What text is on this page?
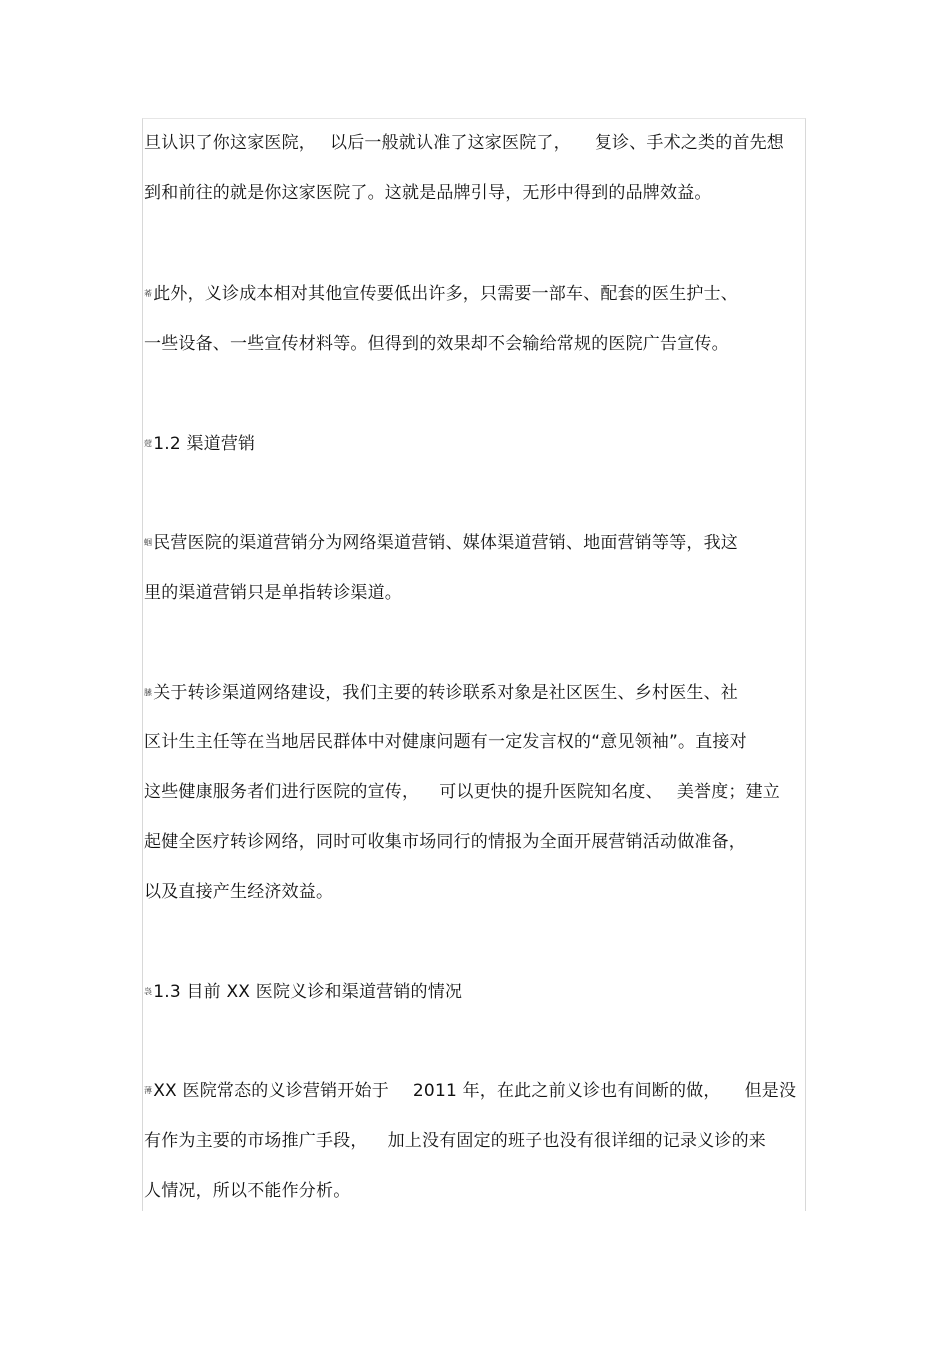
旦认识了你这家医院， 以后一般就认准了这家医院了， 复诊、手术之类的首先想
到和前往的就是你这家医院了。这就是品牌引导，无形中得到的品牌效益。
莃此外，义诊成本相对其他宣传要低出许多，只需要一部车、配套的医生护士、
一些设备、一些宣传材料等。但得到的效果却不会输给常规的医院广告宣传。
蒄1.2 渠道营销
蝈民营医院的渠道营销分为网络渠道营销、媒体渠道营销、地面营销等等，我这
里的渠道营销只是单指转诊渠道。
膆关于转诊渠道网络建设，我们主要的转诊联系对象是社区医生、乡村医生、社
区计生主任等在当地居民群体中对健康问题有一定发言权的“意见领袖”。直接对
这些健康服务者们进行医院的宣传， 可以更快的提升医院知名度、 美誉度；建立
起健全医疗转诊网络，同时可收集市场同行的情报为全面开展营销活动做准备，
以及直接产生经济效益。
袅1.3 目前 XX 医院义诊和渠道营销的情况
薄XX 医院常态的义诊营销开始于 2011 年，在此之前义诊也有间断的做， 但是没
有作为主要的市场推广手段， 加上没有固定的班子也没有很详细的记录义诊的来
人情况，所以不能作分析。
